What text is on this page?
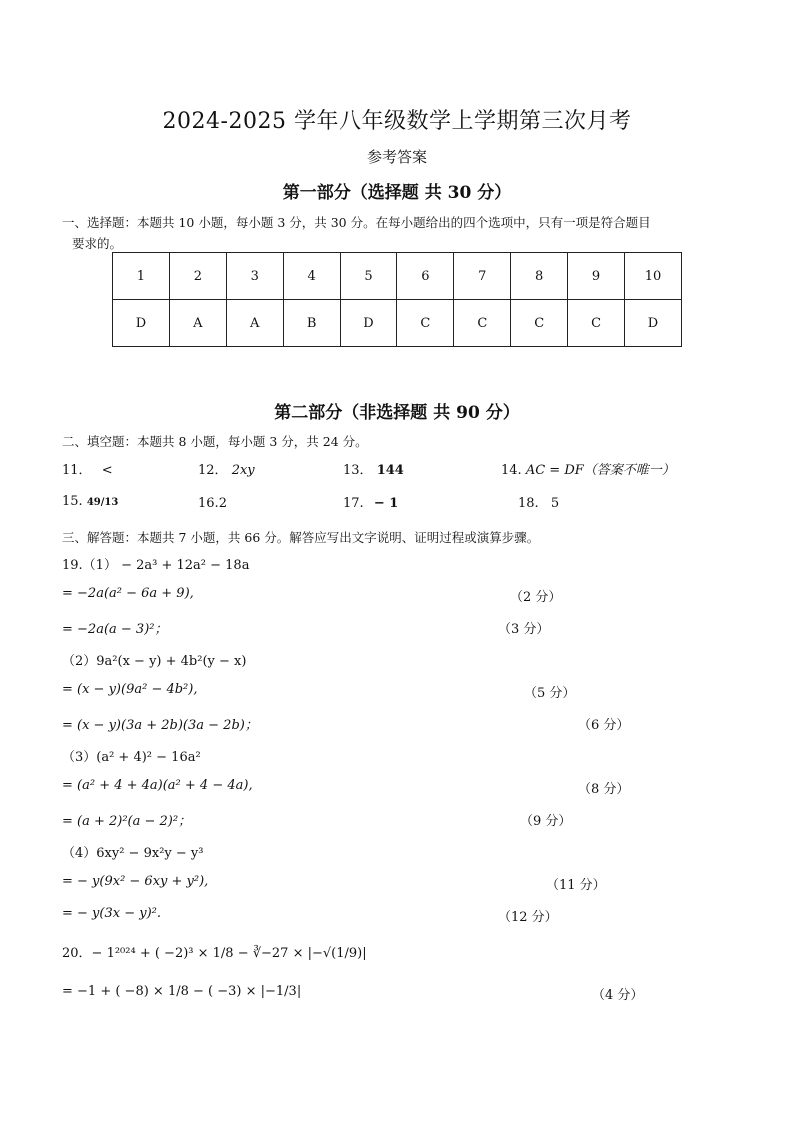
2024-2025 学年八年级数学上学期第三次月考
参考答案
第一部分（选择题 共 30 分）
一、选择题：本题共 10 小题，每小题 3 分，共 30 分。在每小题给出的四个选项中，只有一项是符合题目
要求的。
1	2	3	4	5	6	7	8	9	10
D	A	A	B	D	C	C	C	C	D
第二部分（非选择题 共 90 分）
二、填空题：本题共 8 小题，每小题 3 分，共 24 分。
11． <	12． 2xy	13． 144	14. AC = DF（答案不唯一）
15. 49/13	16.2	17. − 1	18. 5
三、解答题：本题共 7 小题，共 66 分。解答应写出文字说明、证明过程或演算步骤。
19.（1） − 2a³ + 12a² − 18a
= −2a(a² − 6a + 9),	（2 分）
= −2a(a − 3)²；	（3 分）
（2）9a²(x − y) + 4b²(y − x)
= (x − y)(9a² − 4b²),	（5 分）
= (x − y)(3a + 2b)(3a − 2b)；	（6 分）
（3）(a² + 4)² − 16a²
= (a² + 4 + 4a)(a² + 4 − 4a),	（8 分）
= (a + 2)²(a − 2)²；	（9 分）
（4）6xy² − 9x²y − y³
= − y(9x² − 6xy + y²),	（11 分）
= − y(3x − y)².	（12 分）
20．− 1²⁰²⁴ + ( −2)³ × 1/8 − ∛−27 × |−√(1/9)|
= −1 + ( −8) × 1/8 − ( −3) × |−1/3|	（4 分）
